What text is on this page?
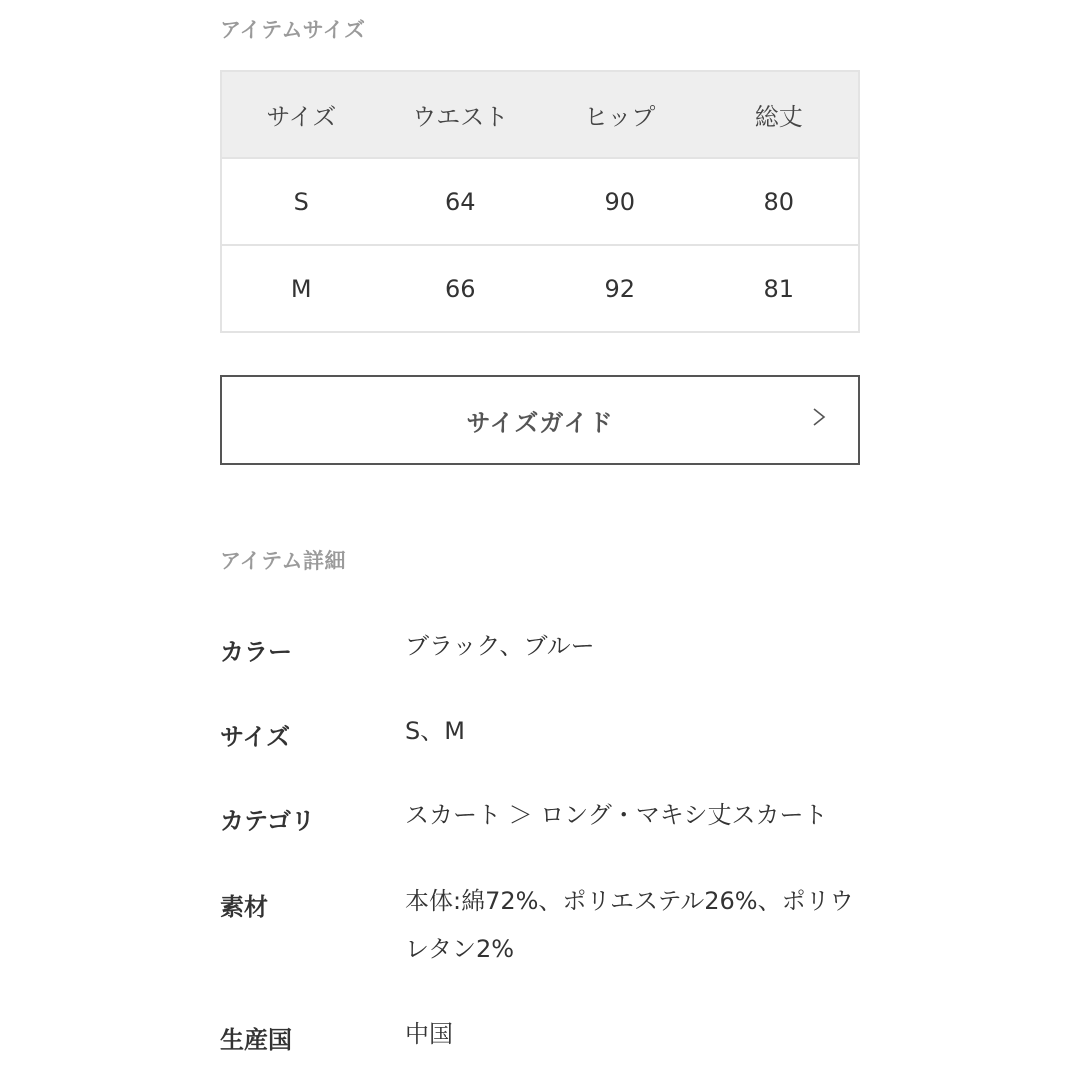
アイテムサイズ
サイズ	ウエスト	ヒップ	総丈
S	64	90	80
M	66	92	81
サイズガイド
アイテム詳細
カラー	ブラック、ブルー
サイズ	S、M
カテゴリ	スカート ＞ ロング・マキシ丈スカート
素材	本体:綿72%、ポリエステル26%、ポリウレタン2%
生産国	中国
